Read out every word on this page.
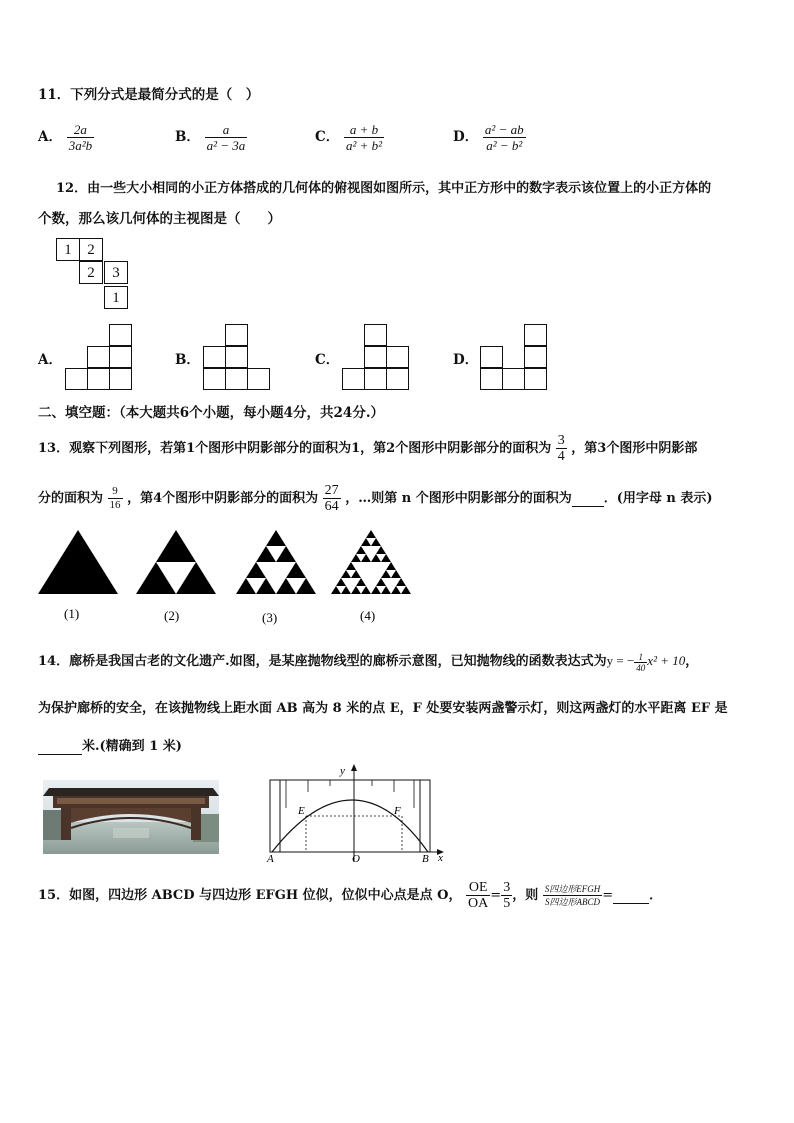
11．下列分式是最简分式的是（　）
A． $\frac{2a}{\text{3a²b}}$	B． $\frac{a}{\text{a² − 3a}}$	C． $\frac{a + b}{\text{a² + b²}}$	D． $\frac{\text{a² − ab}}{\text{a² − b²}}$
12．由一些大小相同的小正方体搭成的几何体的俯视图如图所示，其中正方形中的数字表示该位置上的小正方体的
个数，那么该几何体的主视图是（　　）
1	2
2	3
1
A．	B．	C．	D．
二、填空题：（本大题共6个小题，每小题4分，共24分.）
13．观察下列图形，若第1个图形中阴影部分的面积为1，第2个图形中阴影部分的面积为 $\frac{3}{4}$ ，第3个图形中阴影部
分的面积为 $\frac{9}{16}$ ，第4个图形中阴影部分的面积为 $\frac{27}{64}$ ，…则第 n 个图形中阴影部分的面积为 ．(用字母 n 表示)
(1)	(2)	(3)	(4)
14．廊桥是我国古老的文化遗产.如图，是某座抛物线型的廊桥示意图，已知抛物线的函数表达式为y = − $\frac{1}{40} x^2 + 10$，
为保护廊桥的安全，在该抛物线上距水面 AB 高为 8 米的点 E，F 处要安装两盏警示灯，则这两盏灯的水平距离 EF 是
米.(精确到 1 米)
y
x
A	O	B
E	F
15．如图，四边形 ABCD 与四边形 EFGH 位似，位似中心点是点 O， $\frac{OE}{OA} = \frac{3}{5}$ ，则 $\frac{\text{S四边形EFGH}}{\text{S四边形ABCD}}$ =	．
